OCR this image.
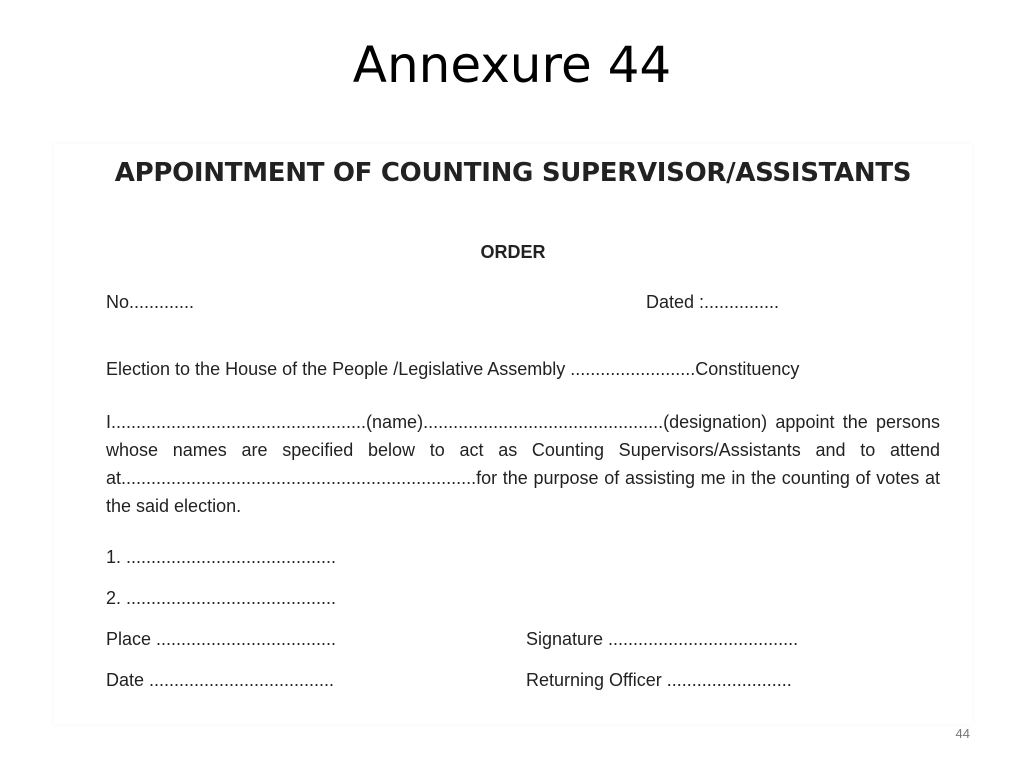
Annexure 44
APPOINTMENT OF COUNTING SUPERVISOR/ASSISTANTS
ORDER
No.............	Dated :...............
Election to the House of the People /Legislative Assembly .........................Constituency
I...................................................(name)................................................(designation) appoint the persons whose names are specified below to act as Counting Supervisors/Assistants and to attend at.......................................................................for the purpose of assisting me in the counting of votes at the said election.
1. ..........................................
2. ..........................................
Place ....................................	Signature ......................................
Date .....................................	Returning Officer .........................
44
